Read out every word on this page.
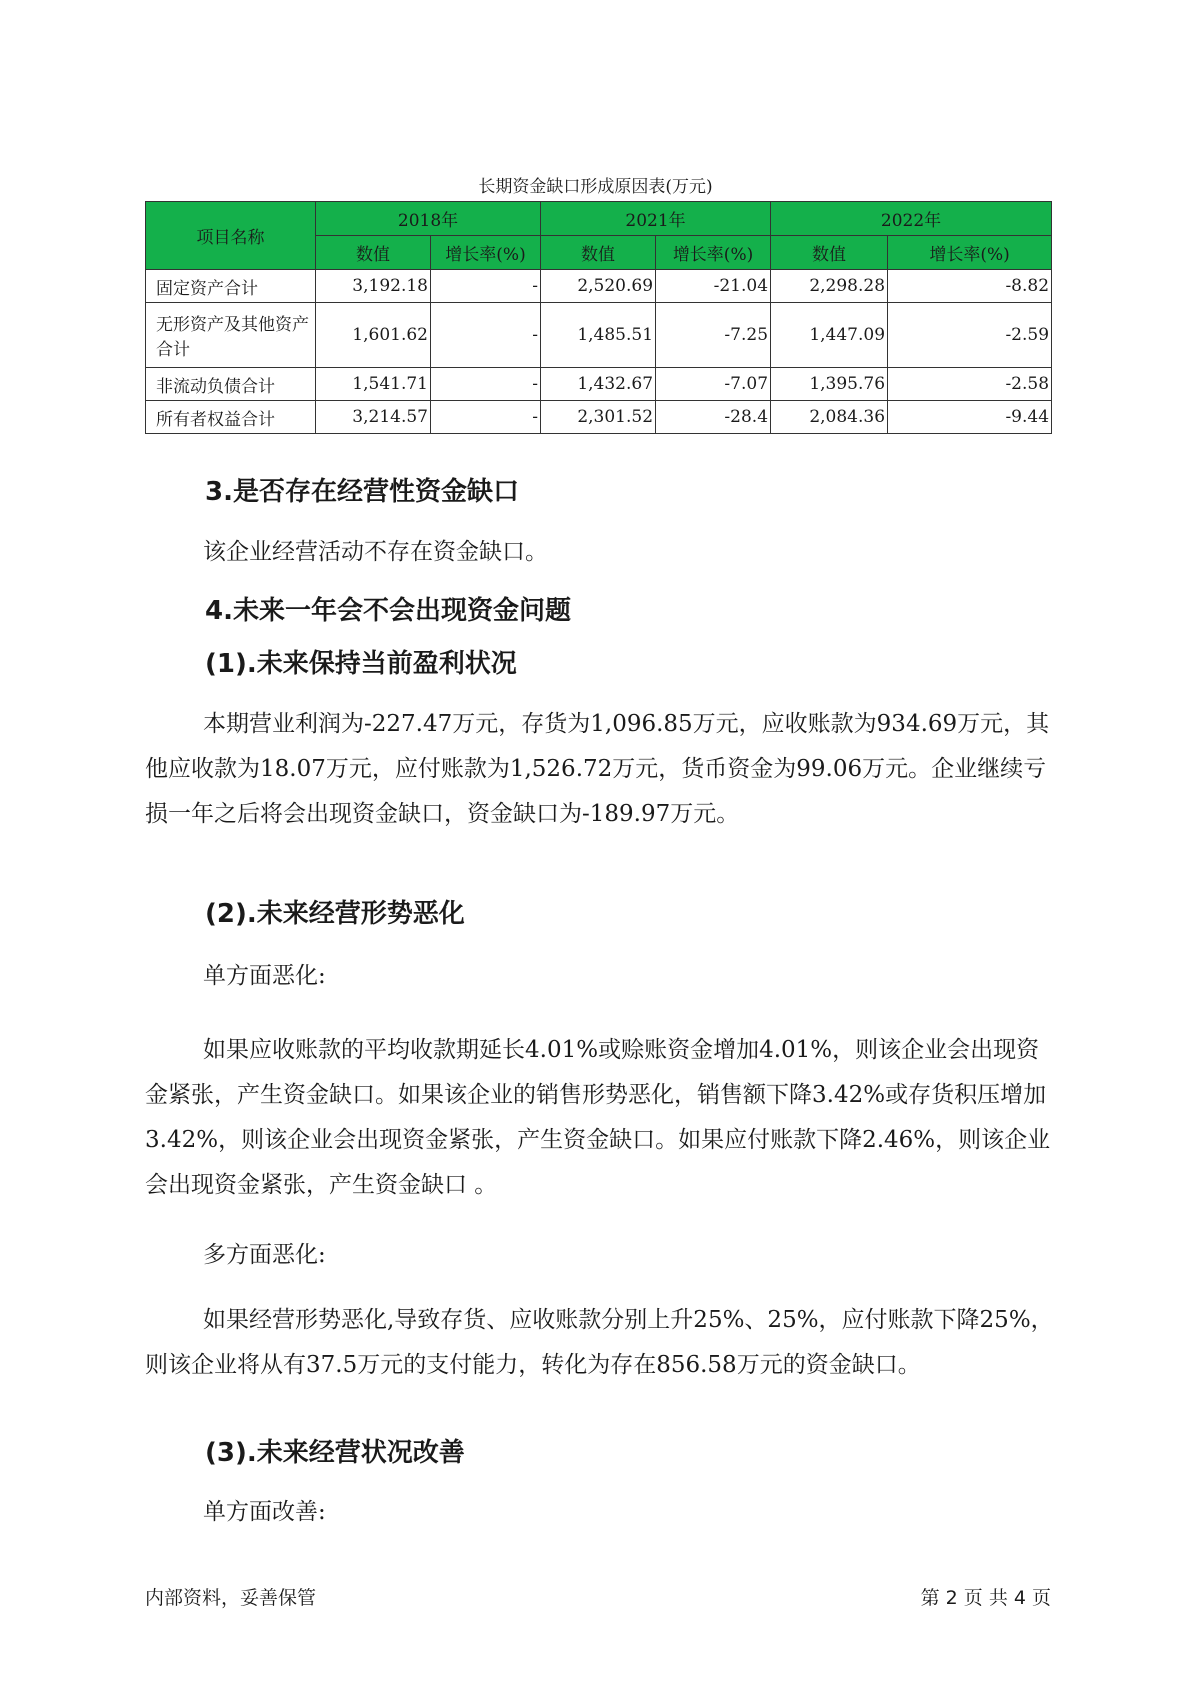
长期资金缺口形成原因表(万元)
项目名称	2018年		2021年		2022年	
	数值	增长率(%)	数值	增长率(%)	数值	增长率(%)
固定资产合计	3,192.18	-	2,520.69	-21.04	2,298.28	-8.82
无形资产及其他资产合计	1,601.62	-	1,485.51	-7.25	1,447.09	-2.59
非流动负债合计	1,541.71	-	1,432.67	-7.07	1,395.76	-2.58
所有者权益合计	3,214.57	-	2,301.52	-28.4	2,084.36	-9.44
3.是否存在经营性资金缺口

该企业经营活动不存在资金缺口。

4.未来一年会不会出现资金问题
(1).未来保持当前盈利状况

本期营业利润为-227.47万元，存货为1,096.85万元，应收账款为934.69万元，其他应收款为18.07万元，应付账款为1,526.72万元，货币资金为99.06万元。企业继续亏损一年之后将会出现资金缺口，资金缺口为-189.97万元。

(2).未来经营形势恶化

单方面恶化:

如果应收账款的平均收款期延长4.01%或赊账资金增加4.01%，则该企业会出现资金紧张，产生资金缺口。如果该企业的销售形势恶化，销售额下降3.42%或存货积压增加3.42%，则该企业会出现资金紧张，产生资金缺口。如果应付账款下降2.46%，则该企业会出现资金紧张，产生资金缺口 。

多方面恶化:

如果经营形势恶化,导致存货、应收账款分别上升25%、25%，应付账款下降25%，则该企业将从有37.5万元的支付能力，转化为存在856.58万元的资金缺口。

(3).未来经营状况改善

单方面改善:

内部资料，妥善保管	第 2 页 共 4 页
